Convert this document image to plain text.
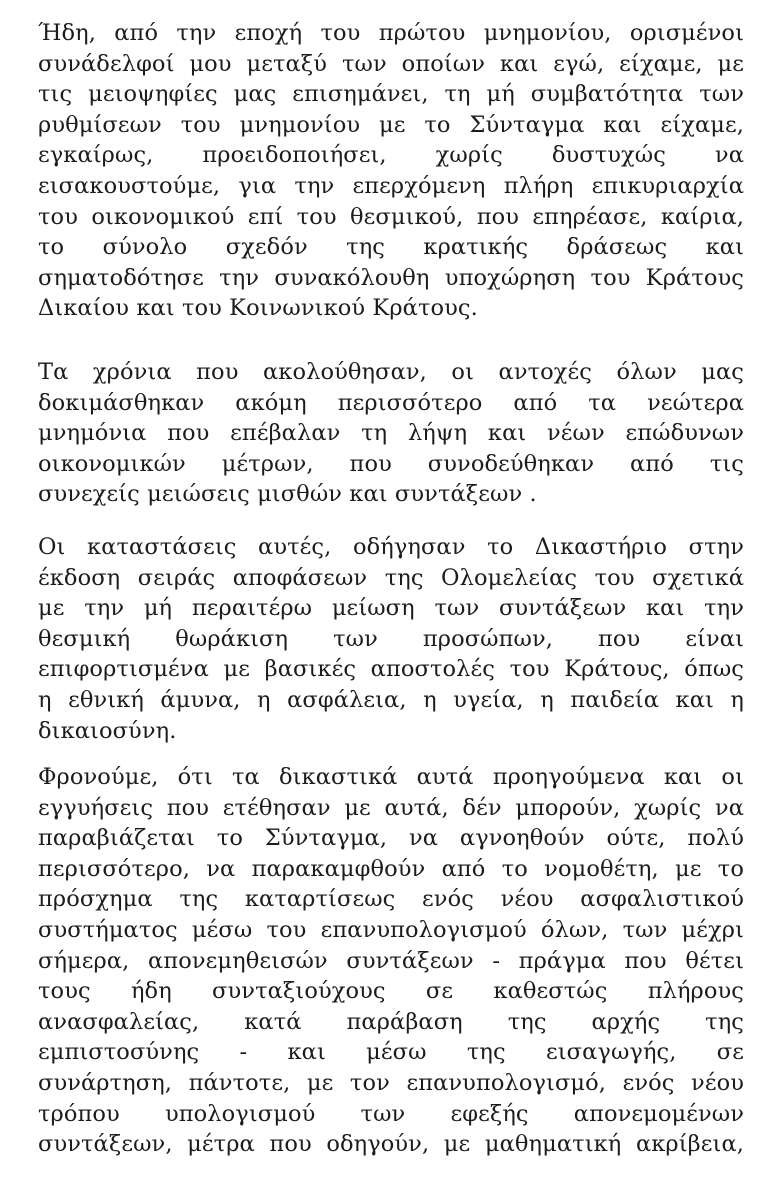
Ήδη, από την εποχή του πρώτου μνημονίου, ορισμένοι
συνάδελφοί μου μεταξύ των οποίων και εγώ, είχαμε, με
τις μειοψηφίες μας επισημάνει, τη μή συμβατότητα των
ρυθμίσεων του μνημονίου με το Σύνταγμα και είχαμε,
εγκαίρως, προειδοποιήσει, χωρίς δυστυχώς να
εισακουστούμε, για την επερχόμενη πλήρη επικυριαρχία
του οικονομικού επί του θεσμικού, που επηρέασε, καίρια,
το σύνολο σχεδόν της κρατικής δράσεως και
σηματοδότησε την συνακόλουθη υποχώρηση του Κράτους
Δικαίου και του Κοινωνικού Κράτους.
Τα χρόνια που ακολούθησαν, οι αντοχές όλων μας
δοκιμάσθηκαν ακόμη περισσότερο από τα νεώτερα
μνημόνια που επέβαλαν τη λήψη και νέων επώδυνων
οικονομικών μέτρων, που συνοδεύθηκαν από τις
συνεχείς μειώσεις μισθών και συντάξεων .
Οι καταστάσεις αυτές, οδήγησαν το Δικαστήριο στην
έκδοση σειράς αποφάσεων της Ολομελείας του σχετικά
με την μή περαιτέρω μείωση των συντάξεων και την
θεσμική θωράκιση των προσώπων, που είναι
επιφορτισμένα με βασικές αποστολές του Κράτους, όπως
η εθνική άμυνα, η ασφάλεια, η υγεία, η παιδεία και η
δικαιοσύνη.
Φρονούμε, ότι τα δικαστικά αυτά προηγούμενα και οι
εγγυήσεις που ετέθησαν με αυτά, δέν μπορούν, χωρίς να
παραβιάζεται το Σύνταγμα, να αγνοηθούν ούτε, πολύ
περισσότερο, να παρακαμφθούν από το νομοθέτη, με το
πρόσχημα της καταρτίσεως ενός νέου ασφαλιστικού
συστήματος μέσω του επανυπολογισμού όλων, των μέχρι
σήμερα, απονεμηθεισών συντάξεων - πράγμα που θέτει
τους ήδη συνταξιούχους σε καθεστώς πλήρους
ανασφαλείας, κατά παράβαση της αρχής της
εμπιστοσύνης - και μέσω της εισαγωγής, σε
συνάρτηση, πάντοτε, με τον επανυπολογισμό, ενός νέου
τρόπου υπολογισμού των εφεξής απονεμομένων
συντάξεων, μέτρα που οδηγούν, με μαθηματική ακρίβεια,
